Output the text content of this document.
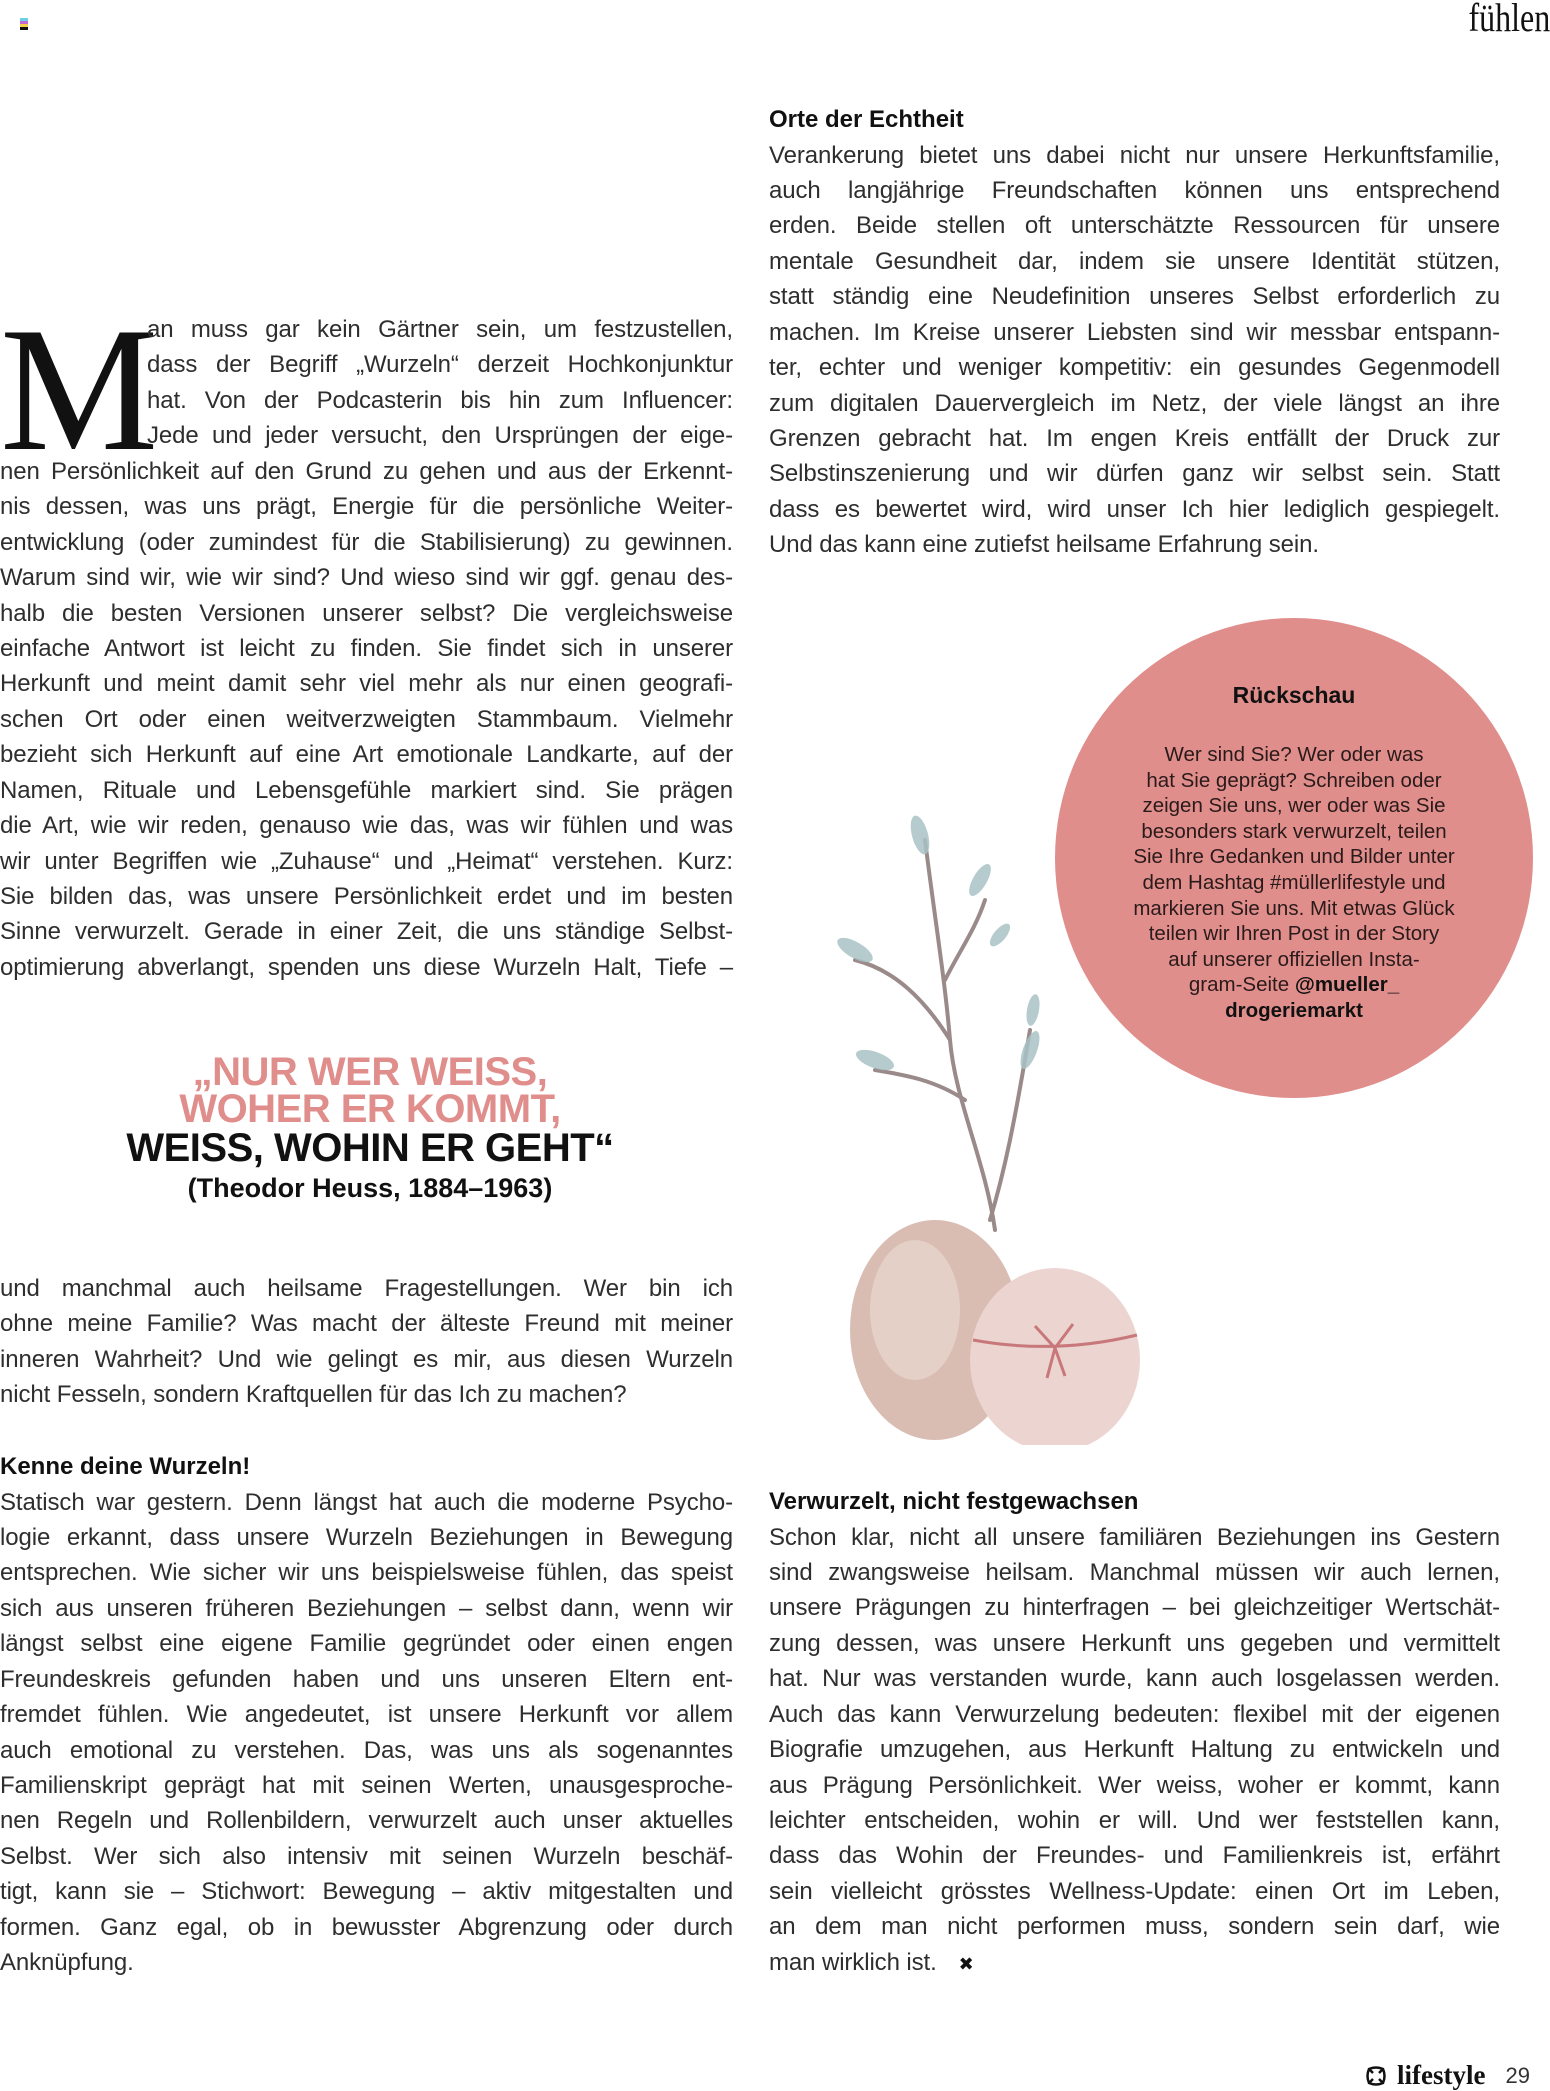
fühlen
M
an muss gar kein Gärtner sein, um festzustellen,
dass der Begriff „Wurzeln“ derzeit Hochkonjunktur
hat. Von der Podcasterin bis hin zum Influencer:
Jede und jeder versucht, den Ursprüngen der eige-
nen Persönlichkeit auf den Grund zu gehen und aus der Erkennt-
nis dessen, was uns prägt, Energie für die persönliche Weiter-
entwicklung (oder zumindest für die Stabilisierung) zu gewinnen.
Warum sind wir, wie wir sind? Und wieso sind wir ggf. genau des-
halb die besten Versionen unserer selbst? Die vergleichsweise
einfache Antwort ist leicht zu finden. Sie findet sich in unserer
Herkunft und meint damit sehr viel mehr als nur einen geografi-
schen Ort oder einen weitverzweigten Stammbaum. Vielmehr
bezieht sich Herkunft auf eine Art emotionale Landkarte, auf der
Namen, Rituale und Lebensgefühle markiert sind. Sie prägen
die Art, wie wir reden, genauso wie das, was wir fühlen und was
wir unter Begriffen wie „Zuhause“ und „Heimat“ verstehen. Kurz:
Sie bilden das, was unsere Persönlichkeit erdet und im besten
Sinne verwurzelt. Gerade in einer Zeit, die uns ständige Selbst-
optimierung abverlangt, spenden uns diese Wurzeln Halt, Tiefe –
„NUR WER WEISS,
WOHER ER KOMMT,
WEISS, WOHIN ER GEHT“
(Theodor Heuss, 1884–1963)
und manchmal auch heilsame Fragestellungen. Wer bin ich
ohne meine Familie? Was macht der älteste Freund mit meiner
inneren Wahrheit? Und wie gelingt es mir, aus diesen Wurzeln
nicht Fesseln, sondern Kraftquellen für das Ich zu machen?
Kenne deine Wurzeln!
Statisch war gestern. Denn längst hat auch die moderne Psycho-
logie erkannt, dass unsere Wurzeln Beziehungen in Bewegung
entsprechen. Wie sicher wir uns beispielsweise fühlen, das speist
sich aus unseren früheren Beziehungen – selbst dann, wenn wir
längst selbst eine eigene Familie gegründet oder einen engen
Freundeskreis gefunden haben und uns unseren Eltern ent-
fremdet fühlen. Wie angedeutet, ist unsere Herkunft vor allem
auch emotional zu verstehen. Das, was uns als sogenanntes
Familienskript geprägt hat mit seinen Werten, unausgesproche-
nen Regeln und Rollenbildern, verwurzelt auch unser aktuelles
Selbst. Wer sich also intensiv mit seinen Wurzeln beschäf-
tigt, kann sie – Stichwort: Bewegung – aktiv mitgestalten und
formen. Ganz egal, ob in bewusster Abgrenzung oder durch
Anknüpfung.
Orte der Echtheit
Verankerung bietet uns dabei nicht nur unsere Herkunftsfamilie,
auch langjährige Freundschaften können uns entsprechend
erden. Beide stellen oft unterschätzte Ressourcen für unsere
mentale Gesundheit dar, indem sie unsere Identität stützen,
statt ständig eine Neudefinition unseres Selbst erforderlich zu
machen. Im Kreise unserer Liebsten sind wir messbar entspann-
ter, echter und weniger kompetitiv: ein gesundes Gegenmodell
zum digitalen Dauervergleich im Netz, der viele längst an ihre
Grenzen gebracht hat. Im engen Kreis entfällt der Druck zur
Selbstinszenierung und wir dürfen ganz wir selbst sein. Statt
dass es bewertet wird, wird unser Ich hier lediglich gespiegelt.
Und das kann eine zutiefst heilsame Erfahrung sein.
Rückschau
Wer sind Sie? Wer oder was
hat Sie geprägt? Schreiben oder
zeigen Sie uns, wer oder was Sie
besonders stark verwurzelt, teilen
Sie Ihre Gedanken und Bilder unter
dem Hashtag #müllerlifestyle und
markieren Sie uns. Mit etwas Glück
teilen wir Ihren Post in der Story
auf unserer offiziellen Insta-
gram-Seite @mueller_
drogeriemarkt
Verwurzelt, nicht festgewachsen
Schon klar, nicht all unsere familiären Beziehungen ins Gestern
sind zwangsweise heilsam. Manchmal müssen wir auch lernen,
unsere Prägungen zu hinterfragen – bei gleichzeitiger Wertschät-
zung dessen, was unsere Herkunft uns gegeben und vermittelt
hat. Nur was verstanden wurde, kann auch losgelassen werden.
Auch das kann Verwurzelung bedeuten: flexibel mit der eigenen
Biografie umzugehen, aus Herkunft Haltung zu entwickeln und
aus Prägung Persönlichkeit. Wer weiss, woher er kommt, kann
leichter entscheiden, wohin er will. Und wer feststellen kann,
dass das Wohin der Freundes- und Familienkreis ist, erfährt
sein vielleicht grösstes Wellness-Update: einen Ort im Leben,
an dem man nicht performen muss, sondern sein darf, wie
man wirklich ist. ✖
lifestyle 29
